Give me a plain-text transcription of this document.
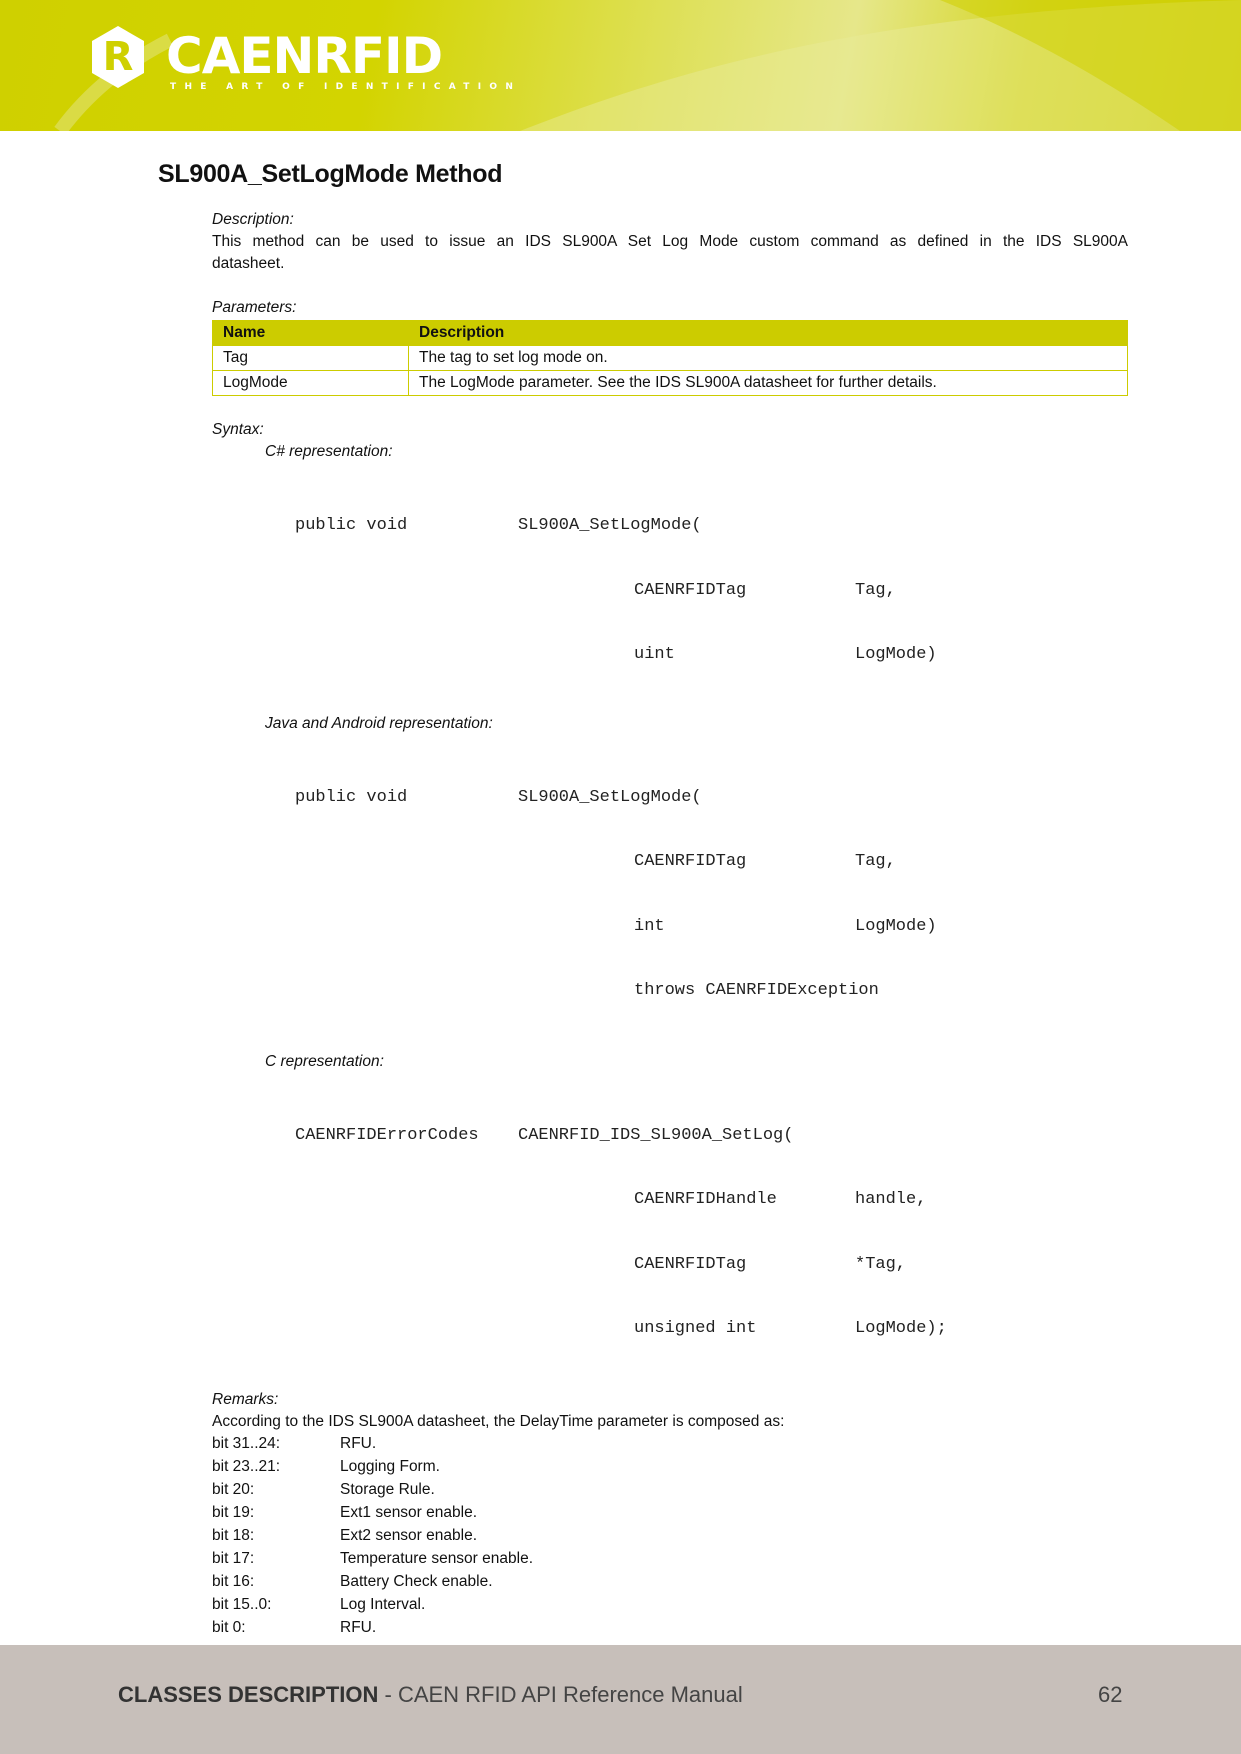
R CAENRFID
THE ART OF IDENTIFICATION
SL900A_SetLogMode Method

Description:

This method can be used to issue an IDS SL900A Set Log Mode custom command as defined in the IDS SL900A datasheet.

Parameters:

Name	Description
Tag	The tag to set log mode on.
LogMode	The LogMode parameter. See the IDS SL900A datasheet for further details.

Syntax:

C# representation:

public void	SL900A_SetLogMode(

CAENRFIDTag	Tag,

uint	LogMode)

Java and Android representation:

public void	SL900A_SetLogMode(

CAENRFIDTag	Tag,

int	LogMode)

throws CAENRFIDException

C representation:

CAENRFIDErrorCodes CAENRFID_IDS_SL900A_SetLog(

CAENRFIDHandle	handle,

CAENRFIDTag	*Tag,

unsigned int	LogMode);

Remarks:

According to the IDS SL900A datasheet, the DelayTime parameter is composed as:

bit 31..24:	RFU.
bit 23..21:	Logging Form.
bit 20:	Storage Rule.
bit 19:	Ext1 sensor enable.
bit 18:	Ext2 sensor enable.
bit 17:	Temperature sensor enable.
bit 16:	Battery Check enable.
bit 15..0:	Log Interval.
bit 0:	RFU.
CLASSES DESCRIPTION - CAEN RFID API Reference Manual	62
